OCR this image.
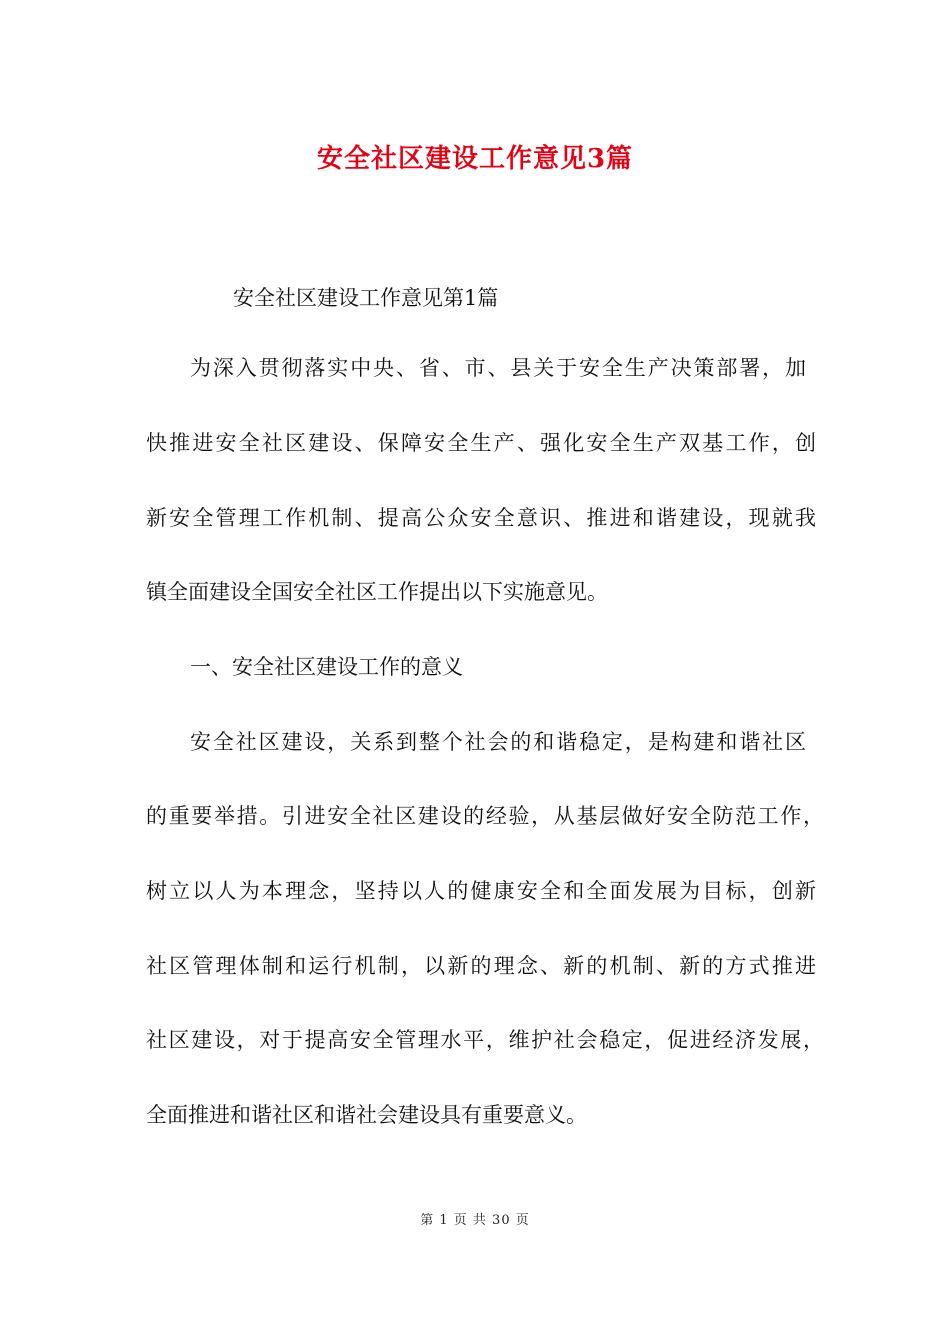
安全社区建设工作意见3篇
安全社区建设工作意见第1篇
为深入贯彻落实中央、省、市、县关于安全生产决策部署，加
快推进安全社区建设、保障安全生产、强化安全生产双基工作，创
新安全管理工作机制、提高公众安全意识、推进和谐建设，现就我
镇全面建设全国安全社区工作提出以下实施意见。
一、安全社区建设工作的意义
安全社区建设，关系到整个社会的和谐稳定，是构建和谐社区
的重要举措。引进安全社区建设的经验，从基层做好安全防范工作，
树立以人为本理念，坚持以人的健康安全和全面发展为目标，创新
社区管理体制和运行机制，以新的理念、新的机制、新的方式推进
社区建设，对于提高安全管理水平，维护社会稳定，促进经济发展，
全面推进和谐社区和谐社会建设具有重要意义。
第 1 页 共 30 页
